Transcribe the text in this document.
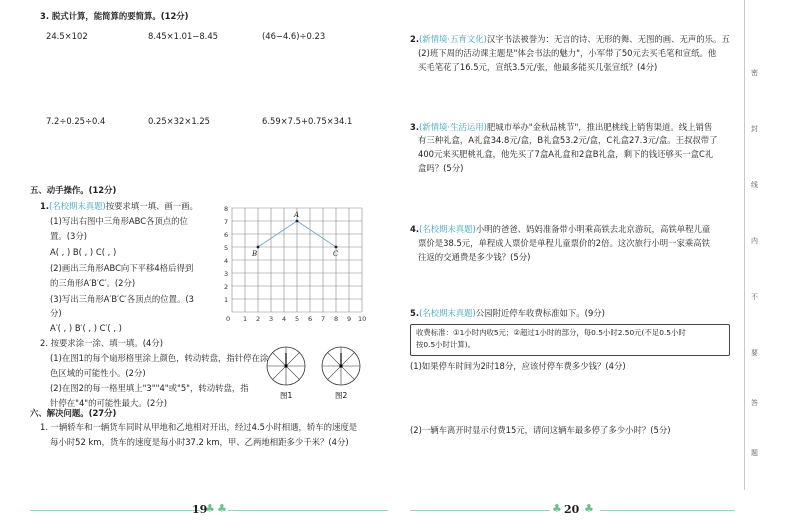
3. 脱式计算，能简算的要简算。(12分)
24.5×102	8.45×1.01−8.45	(46−4.6)÷0.23
7.2÷0.25÷0.4	0.25×32×1.25	6.59×7.5+0.75×34.1
五、动手操作。(12分)
1.(名校期末真题)按要求填一填、画一画。
(1)写出右图中三角形ABC各顶点的位
置。(3分)
A( , ) B( , ) C( , )
(2)画出三角形ABC向下平移4格后得到
的三角形A′B′C′。(2分)
(3)写出三角形A′B′C′各顶点的位置。(3
分)
A′( , ) B′( , ) C′( , )
A
B	C
0 1 2 3 4 5 6 7 8 9 10
1
2
3
4
5
6
7
8
2. 按要求涂一涂、填一填。(4分)
(1)在图1的每个扇形格里涂上颜色，转动转盘，指针停在涂
色区域的可能性小。(2分)
(2)在图2的每一格里填上"3""4"或"5"，转动转盘，指
针停在"4"的可能性最大。(2分)
图1	图2
六、解决问题。(27分)
1. 一辆轿车和一辆货车同时从甲地和乙地相对开出，经过4.5小时相遇，轿车的速度是
每小时52 km，货车的速度是每小时37.2 km，甲、乙两地相距多少千米？(4分)
♣
19 ♣
2.(新情境·五育文化)汉字书法被誉为：无言的诗、无形的舞、无图的画、无声的乐。五
(2)班下周的活动课主题是"体会书法的魅力"，小军带了50元去买毛笔和宣纸。他
买毛笔花了16.5元，宣纸3.5元/张，他最多能买几张宣纸？(4分)
3.(新情境·生活运用)肥城市举办"金秋品桃节"，推出肥桃线上销售渠道。线上销售
有三种礼盒，A礼盒34.8元/盒，B礼盒53.2元/盒，C礼盒27.3元/盒。王叔叔带了
400元来买肥桃礼盒，他先买了7盒A礼盒和2盒B礼盒，剩下的钱还够买一盒C礼
盒吗？(5分)
4.(名校期末真题)小明的爸爸、妈妈准备带小明乘高铁去北京游玩，高铁单程儿童
票价是38.5元，单程成人票价是单程儿童票价的2倍。这次旅行小明一家乘高铁
往返的交通费是多少钱？(5分)
5.(名校期末真题)公园附近停车收费标准如下。(9分)
收费标准：①1小时内收5元；②超过1小时的部分，每0.5小时2.50元(不足0.5小时
按0.5小时计算)。
(1)如果停车时间为2时18分，应该付停车费多少钱？(4分)
(2)一辆车离开时显示付费15元，请问这辆车最多停了多少小时？(5分)
密
封
线
内
不
要
答
题
♣ 20 ♣
